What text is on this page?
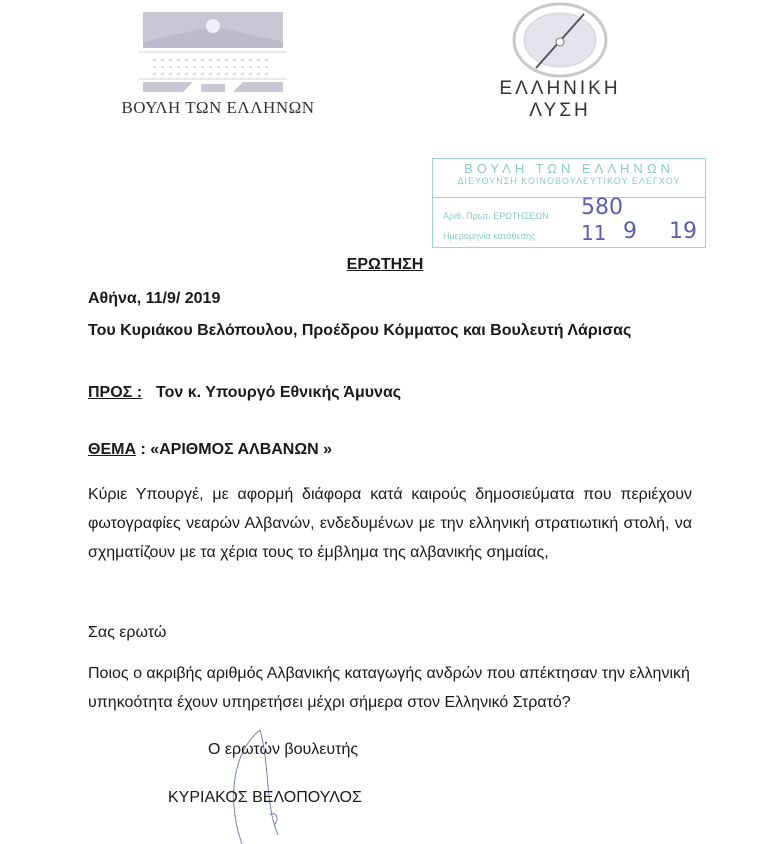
ΒΟΥΛΗ ΤΩΝ ΕΛΛΗΝΩΝ
ΕΛΛΗΝΙΚΗ
ΛΥΣΗ
ΒΟΥΛΗ ΤΩΝ ΕΛΛΗΝΩΝ
ΔΙΕΥΘΥΝΣΗ ΚΟΙΝΟΒΟΥΛΕΥΤΙΚΟΥ ΕΛΕΓΧΟΥ
Αριθ. Πρωτ. ΕΡΩΤΗΣΕΩΝ
Ημερομηνία κατάθεσης
580
11 9 19
ΕΡΩΤΗΣΗ
Αθήνα, 11/9/ 2019
Του Κυριάκου Βελόπουλου, Προέδρου Κόμματος και Βουλευτή Λάρισας
ΠΡΟΣ : Τον κ. Υπουργό Εθνικής Άμυνας
ΘΕΜΑ : «ΑΡΙΘΜΟΣ ΑΛΒΑΝΩΝ »
Κύριε Υπουργέ, με αφορμή διάφορα κατά καιρούς δημοσιεύματα που περιέχουν φωτογραφίες νεαρών Αλβανών, ενδεδυμένων με την ελληνική στρατιωτική στολή, να σχηματίζουν με τα χέρια τους το έμβλημα της αλβανικής σημαίας,
Σας ερωτώ
Ποιος ο ακριβής αριθμός Αλβανικής καταγωγής ανδρών που απέκτησαν την ελληνική υπηκοότητα έχουν υπηρετήσει μέχρι σήμερα στον Ελληνικό Στρατό?
Ο ερωτών βουλευτής
ΚΥΡΙΑΚΟΣ ΒΕΛΟΠΟΥΛΟΣ
